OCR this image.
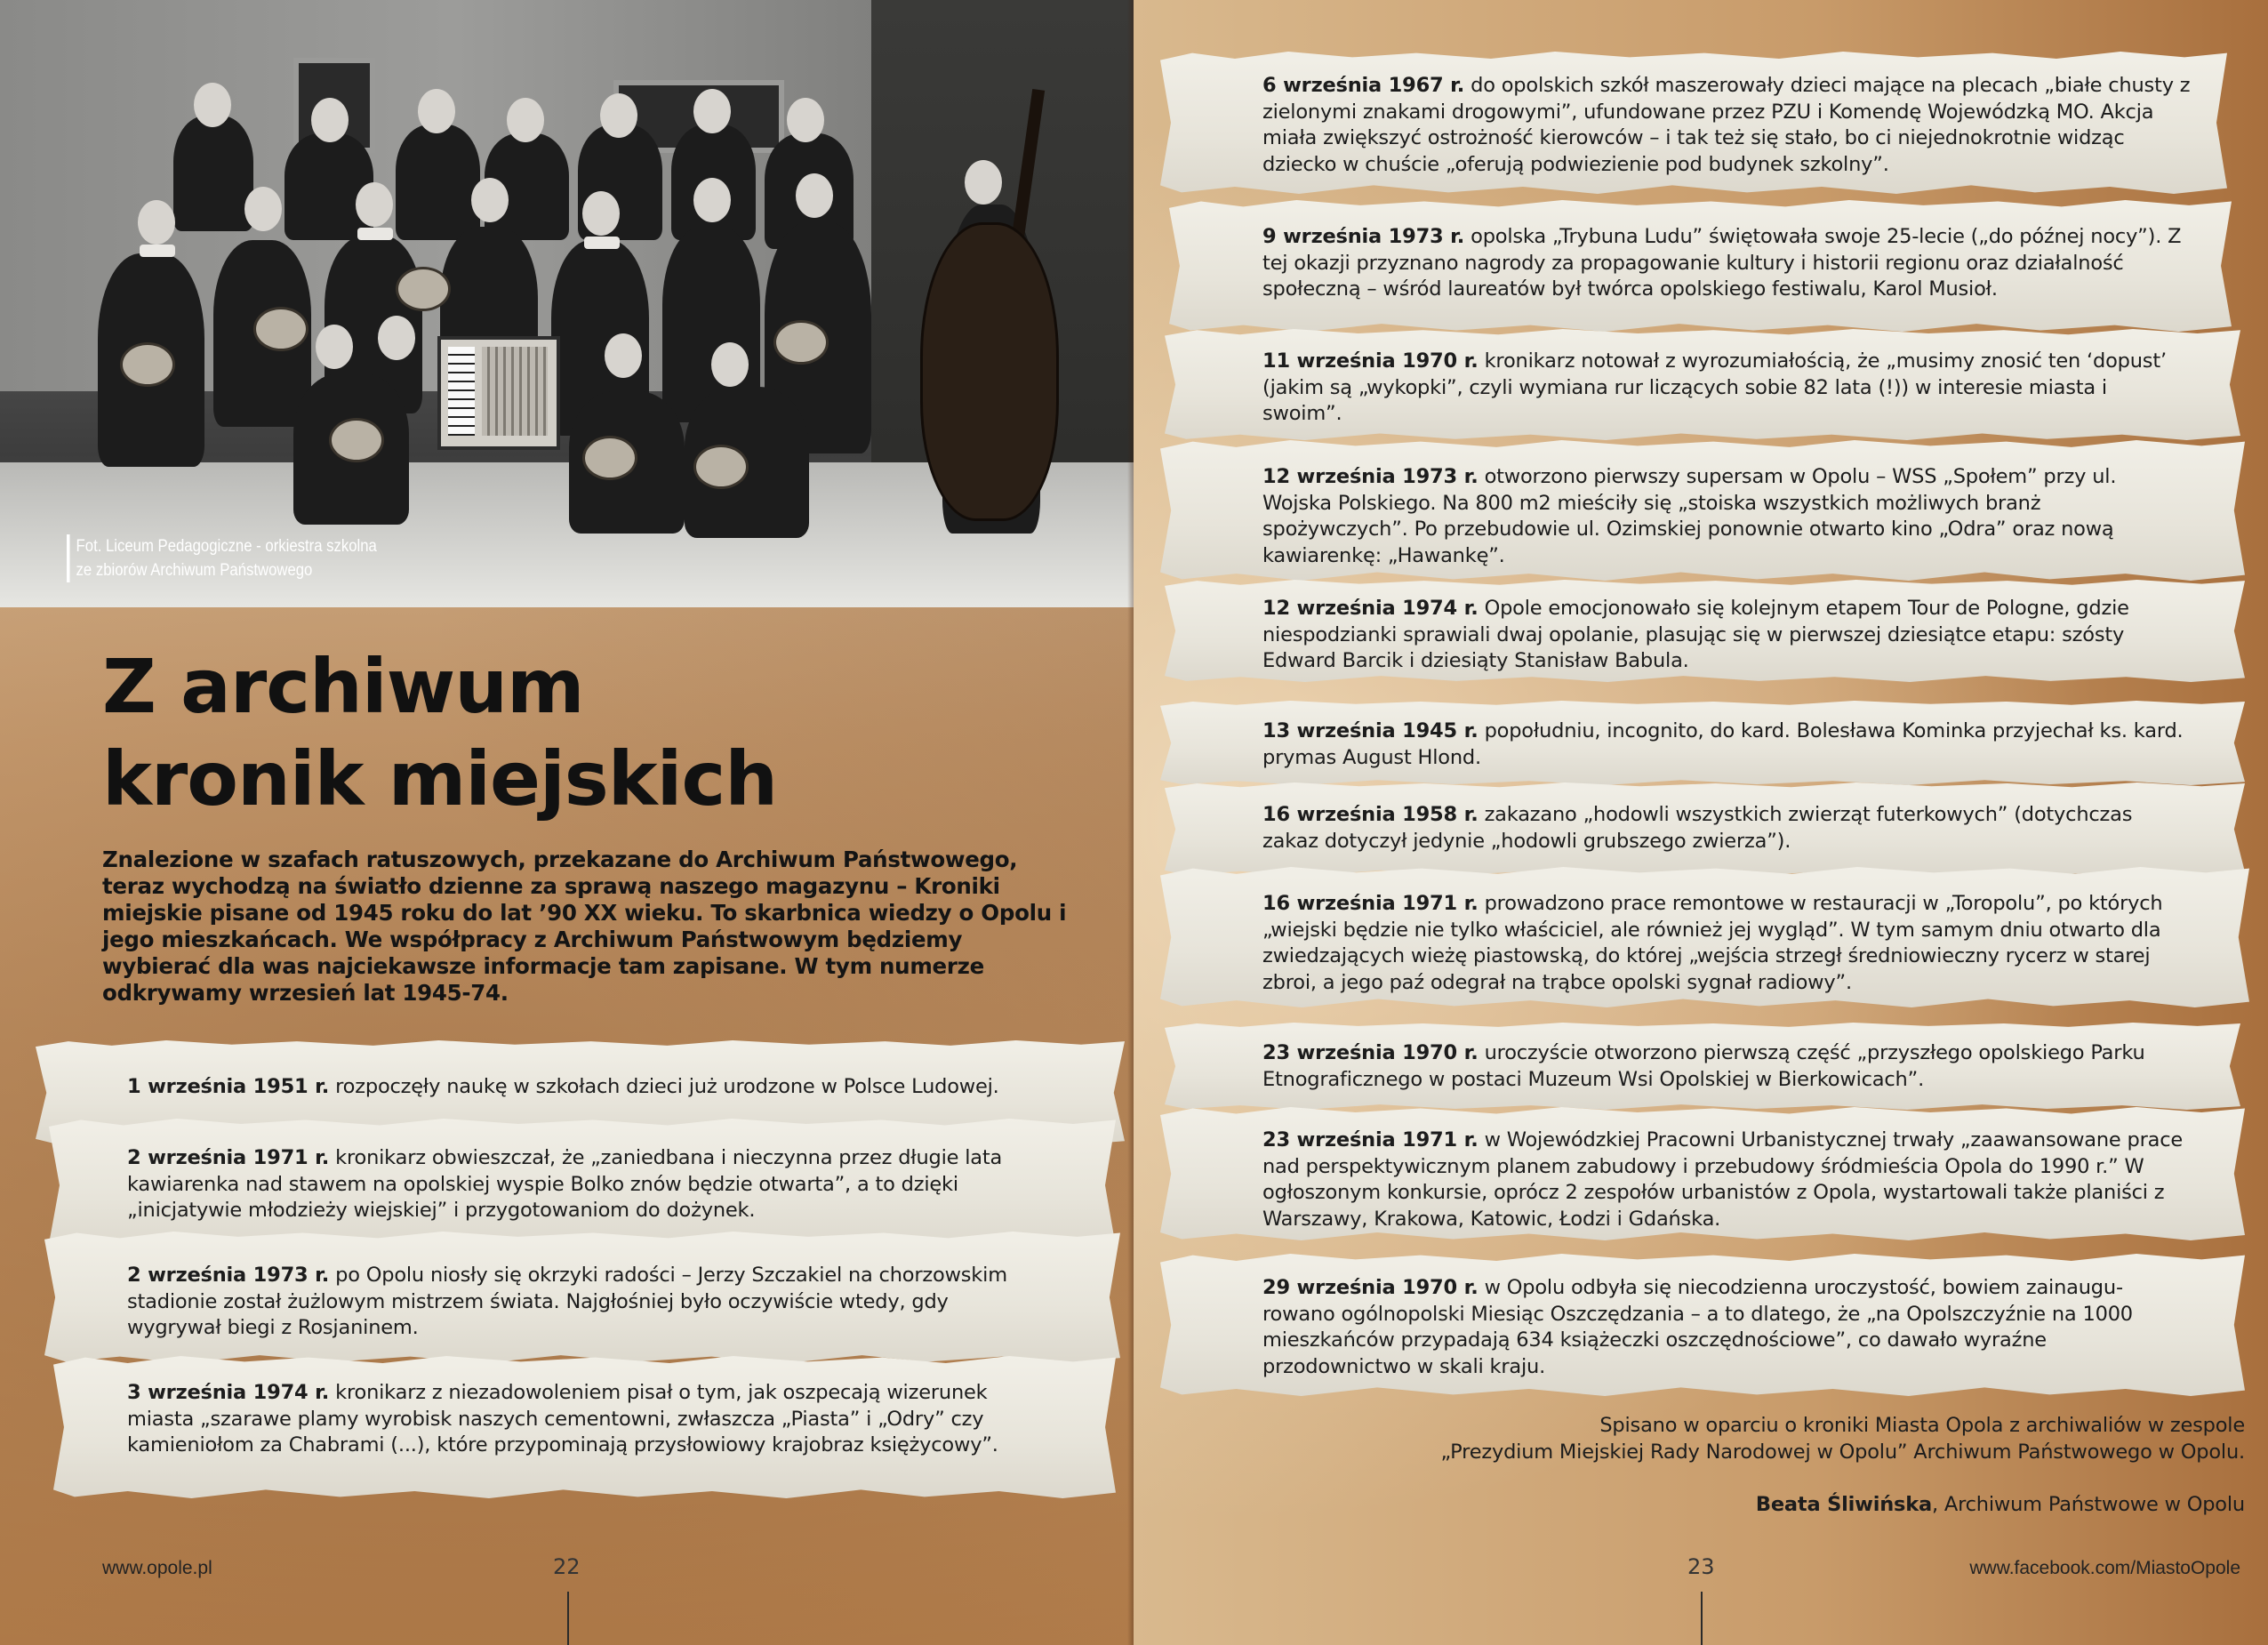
Fot. Liceum Pedagogiczne - orkiestra szkolna
ze zbiorów Archiwum Państwowego
Z archiwum
kronik miejskich

Znalezione w szafach ratuszowych, przekazane do Archiwum Państwowego, teraz wychodzą na światło dzienne za sprawą naszego magazynu – Kroniki miejskie pisane od 1945 roku do lat ’90 XX wieku. To skarbnica wiedzy o Opolu i jego mieszkańcach. We współpracy z Archiwum Państwowym będziemy wybierać dla was najciekawsze informacje tam zapisane. W tym numerze odkrywamy wrzesień lat 1945-74.

1 września 1951 r. rozpoczęły naukę w szkołach dzieci już urodzone w Polsce Ludowej.

2 września 1971 r. kronikarz obwieszczał, że „zaniedbana i nieczynna przez długie lata kawiarenka nad stawem na opolskiej wyspie Bolko znów będzie otwarta”, a to dzięki „inicjatywie młodzieży wiejskiej” i przygotowaniom do dożynek.

2 września 1973 r. po Opolu niosły się okrzyki radości – Jerzy Szczakiel na chorzowskim stadionie został żużlowym mistrzem świata. Najgłośniej było oczywiście wtedy, gdy wygrywał biegi z Rosjaninem.

3 września 1974 r. kronikarz z niezadowoleniem pisał o tym, jak oszpecają wizerunek miasta „szarawe plamy wyrobisk naszych cementowni, zwłaszcza „Piasta” i „Odry” czy kamieniołom za Chabrami (...), które przypominają przysłowiowy krajobraz księżycowy”.

www.opole.pl	22

6 września 1967 r. do opolskich szkół maszerowały dzieci mające na plecach „białe chusty z zielonymi znakami drogowymi”, ufundowane przez PZU i Komendę Wojewódzką MO. Akcja miała zwiększyć ostrożność kierowców – i tak też się stało, bo ci niejednokrotnie widząc dziecko w chuście „oferują podwiezienie pod budynek szkolny”.

9 września 1973 r. opolska „Trybuna Ludu” świętowała swoje 25-lecie („do późnej nocy”). Z tej okazji przyznano nagrody za propagowanie kultury i historii regionu oraz działalność społeczną – wśród laureatów był twórca opolskiego festiwalu, Karol Musioł.

11 września 1970 r. kronikarz notował z wyrozumiałością, że „musimy znosić ten ‘dopust’ (jakim są „wykopki”, czyli wymiana rur liczących sobie 82 lata (!)) w interesie miasta i swoim”.

12 września 1973 r. otworzono pierwszy supersam w Opolu – WSS „Społem” przy ul. Wojska Polskiego. Na 800 m2 mieściły się „stoiska wszystkich możliwych branż spożywczych”. Po przebudowie ul. Ozimskiej ponownie otwarto kino „Odra” oraz nową kawiarenkę: „Hawankę”.

12 września 1974 r. Opole emocjonowało się kolejnym etapem Tour de Pologne, gdzie niespodzianki sprawiali dwaj opolanie, plasując się w pierwszej dziesiątce etapu: szósty Edward Barcik i dziesiąty Stanisław Babula.

13 września 1945 r. popołudniu, incognito, do kard. Bolesława Kominka przyjechał ks. kard. prymas August Hlond.

16 września 1958 r. zakazano „hodowli wszystkich zwierząt futerkowych” (dotychczas zakaz dotyczył jedynie „hodowli grubszego zwierza”).

16 września 1971 r. prowadzono prace remontowe w restauracji w „Toropolu”, po których „wiejski będzie nie tylko właściciel, ale również jej wygląd”. W tym samym dniu otwarto dla zwiedzających wieżę piastowską, do której „wejścia strzegł średniowieczny rycerz w starej zbroi, a jego paź odegrał na trąbce opolski sygnał radiowy”.

23 września 1970 r. uroczyście otworzono pierwszą część „przyszłego opolskiego Parku Etnograficznego w postaci Muzeum Wsi Opolskiej w Bierkowicach”.

23 września 1971 r. w Wojewódzkiej Pracowni Urbanistycznej trwały „zaawansowane prace nad perspektywicznym planem zabudowy i przebudowy śródmieścia Opola do 1990 r.” W ogłoszonym konkursie, oprócz 2 zespołów urbanistów z Opola, wystartowali także planiści z Warszawy, Krakowa, Katowic, Łodzi i Gdańska.

29 września 1970 r. w Opolu odbyła się niecodzienna uroczystość, bowiem zainaugu-rowano ogólnopolski Miesiąc Oszczędzania – a to dlatego, że „na Opolszczyźnie na 1000 mieszkańców przypadają 634 książeczki oszczędnościowe”, co dawało wyraźne przodownictwo w skali kraju.

Spisano w oparciu o kroniki Miasta Opola z archiwaliów w zespole
„Prezydium Miejskiej Rady Narodowej w Opolu” Archiwum Państwowego w Opolu.

Beata Śliwińska, Archiwum Państwowe w Opolu

23	www.facebook.com/MiastoOpole
